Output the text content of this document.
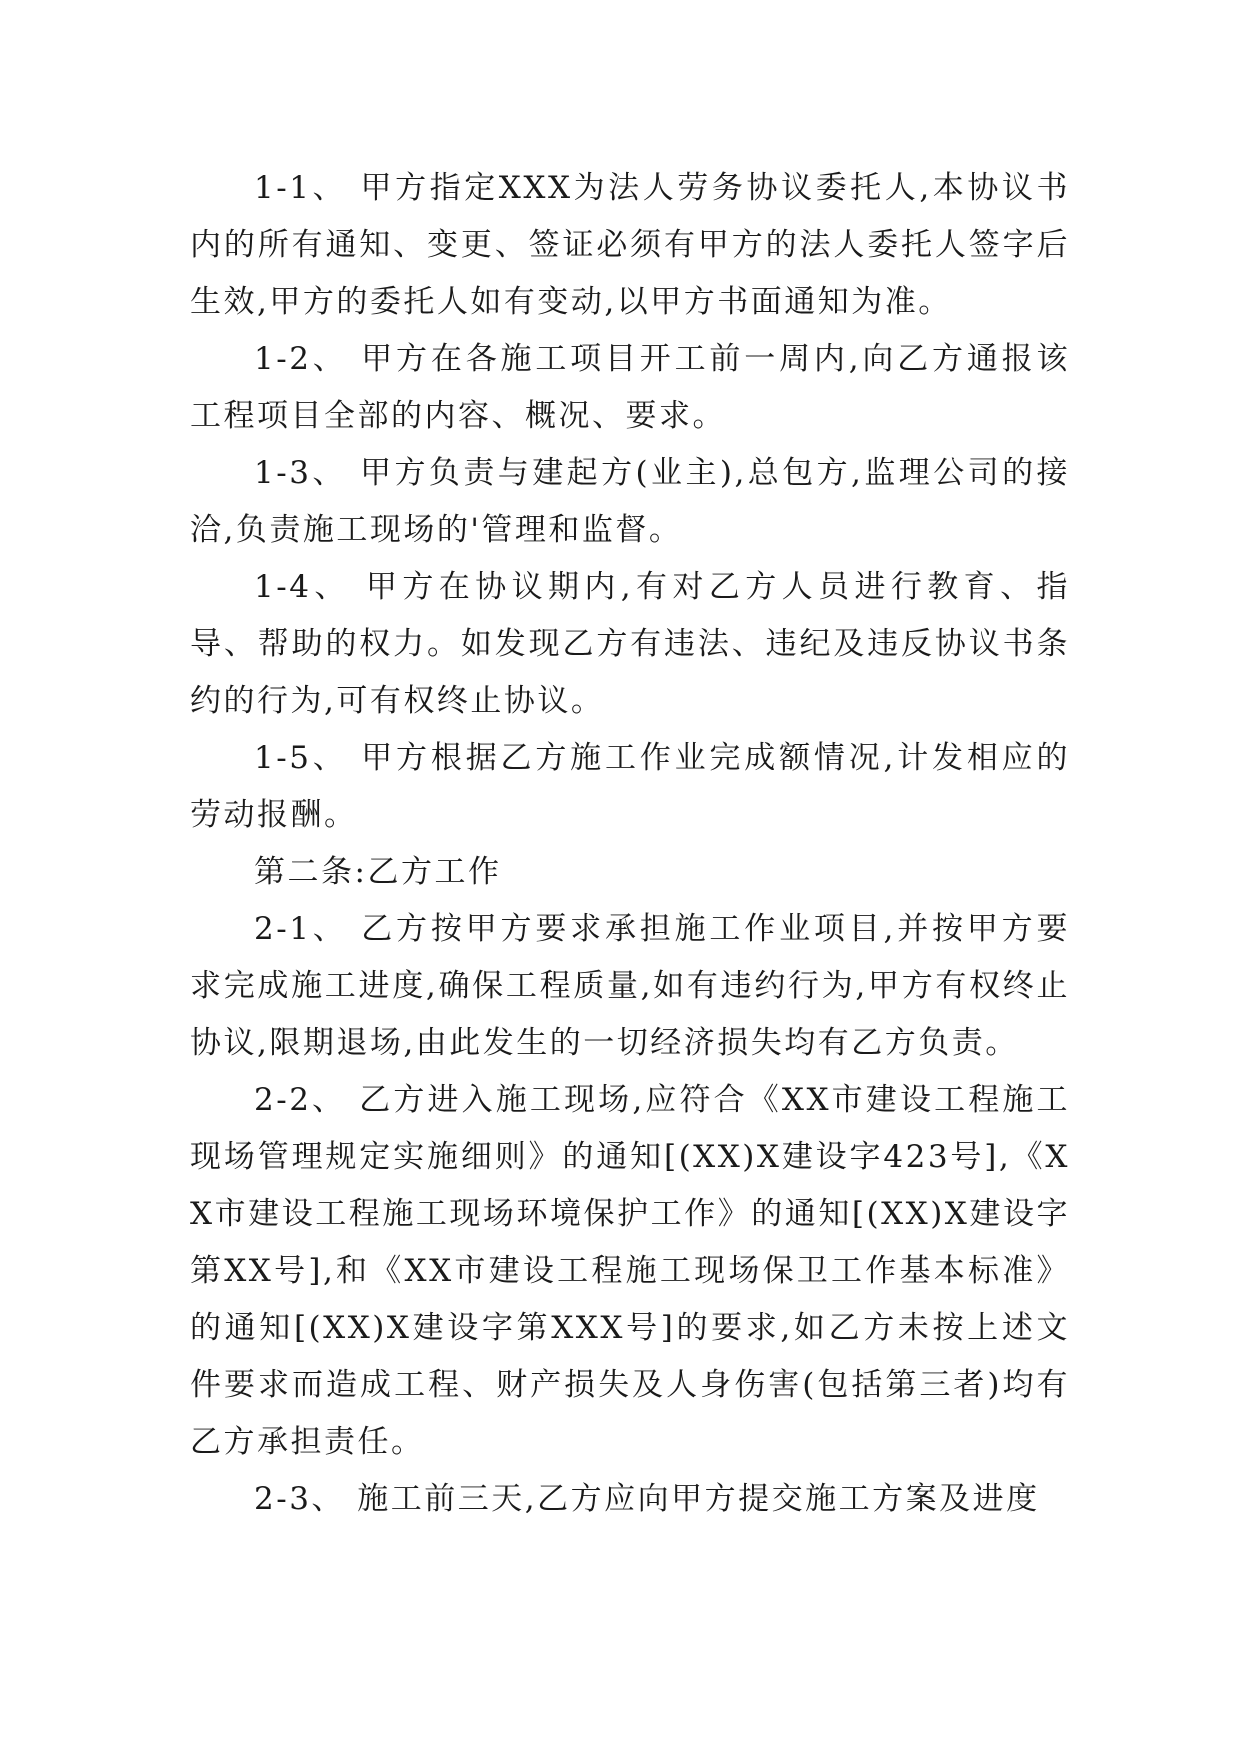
1-1、 甲方指定XXX为法人劳务协议委托人,本协议书内的所有通知、变更、签证必须有甲方的法人委托人签字后生效,甲方的委托人如有变动,以甲方书面通知为准。

1-2、 甲方在各施工项目开工前一周内,向乙方通报该工程项目全部的内容、概况、要求。

1-3、 甲方负责与建起方(业主),总包方,监理公司的接洽,负责施工现场的'管理和监督。

1-4、 甲方在协议期内,有对乙方人员进行教育、指导、帮助的权力。如发现乙方有违法、违纪及违反协议书条约的行为,可有权终止协议。

1-5、 甲方根据乙方施工作业完成额情况,计发相应的劳动报酬。

第二条:乙方工作

2-1、 乙方按甲方要求承担施工作业项目,并按甲方要求完成施工进度,确保工程质量,如有违约行为,甲方有权终止协议,限期退场,由此发生的一切经济损失均有乙方负责。

2-2、 乙方进入施工现场,应符合《XX市建设工程施工现场管理规定实施细则》的通知[(XX)X建设字423号],《XX市建设工程施工现场环境保护工作》的通知[(XX)X建设字第XX号],和《XX市建设工程施工现场保卫工作基本标准》的通知[(XX)X建设字第XXX号]的要求,如乙方未按上述文件要求而造成工程、财产损失及人身伤害(包括第三者)均有乙方承担责任。

2-3、 施工前三天,乙方应向甲方提交施工方案及进度
